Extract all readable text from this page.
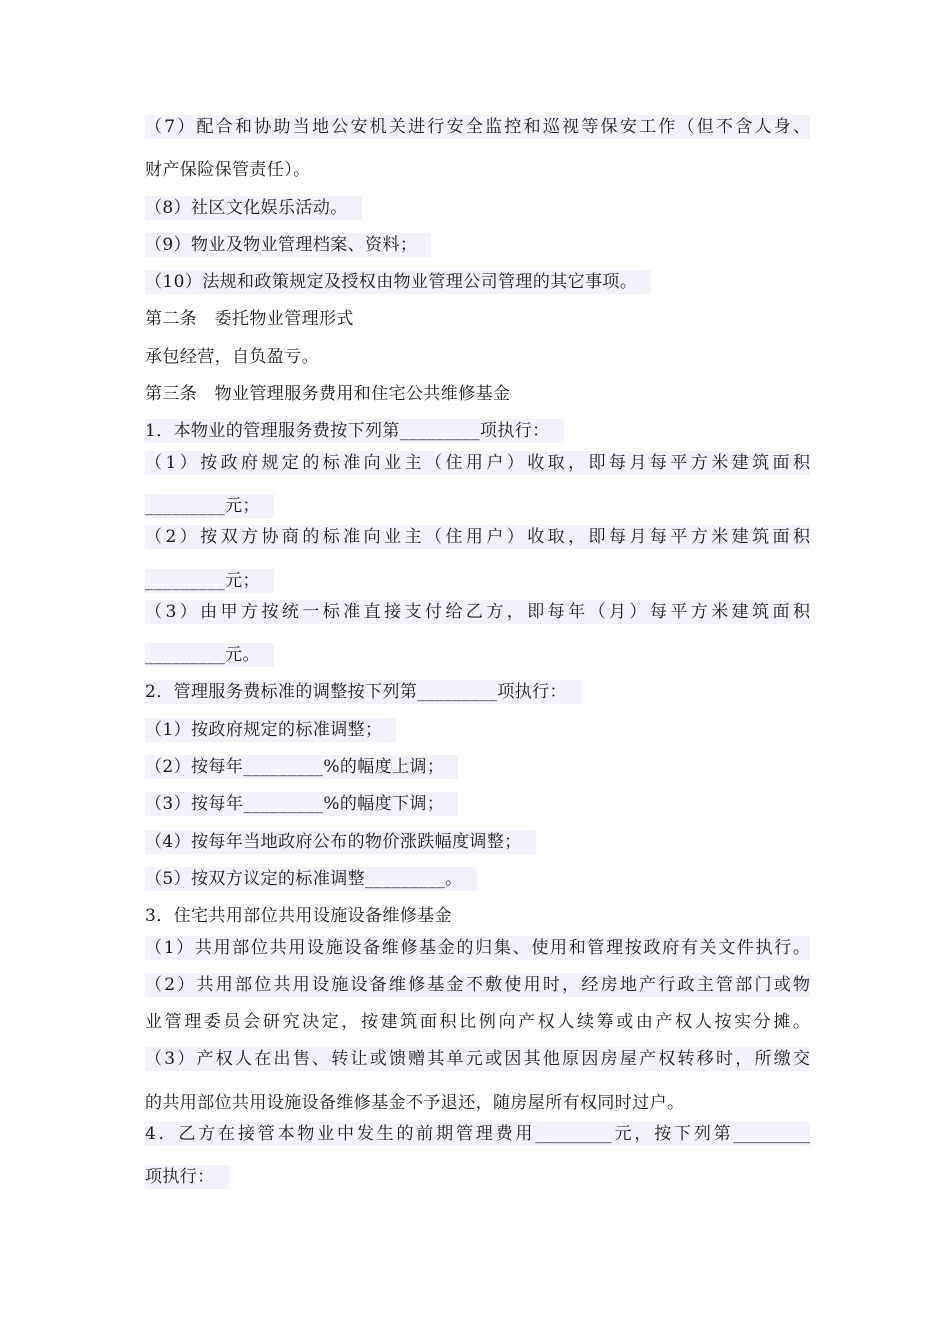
（7）配合和协助当地公安机关进行安全监控和巡视等保安工作（但不含人身、
财产保险保管责任）。
（8）社区文化娱乐活动。
（9）物业及物业管理档案、资料；
（10）法规和政策规定及授权由物业管理公司管理的其它事项。
第二条　委托物业管理形式
承包经营，自负盈亏。
第三条　物业管理服务费用和住宅公共维修基金
1．本物业的管理服务费按下列第_________项执行：
（1）按政府规定的标准向业主（住用户）收取，即每月每平方米建筑面积
_________元；
（2）按双方协商的标准向业主（住用户）收取，即每月每平方米建筑面积
_________元；
（3）由甲方按统一标准直接支付给乙方，即每年（月）每平方米建筑面积
_________元。
2．管理服务费标准的调整按下列第_________项执行：
（1）按政府规定的标准调整；
（2）按每年_________%的幅度上调；
（3）按每年_________%的幅度下调；
（4）按每年当地政府公布的物价涨跌幅度调整；
（5）按双方议定的标准调整_________。
3．住宅共用部位共用设施设备维修基金
（1）共用部位共用设施设备维修基金的归集、使用和管理按政府有关文件执行。
（2）共用部位共用设施设备维修基金不敷使用时，经房地产行政主管部门或物
业管理委员会研究决定，按建筑面积比例向产权人续筹或由产权人按实分摊。
（3）产权人在出售、转让或馈赠其单元或因其他原因房屋产权转移时，所缴交
的共用部位共用设施设备维修基金不予退还，随房屋所有权同时过户。
4．乙方在接管本物业中发生的前期管理费用_________元，按下列第_________
项执行：
